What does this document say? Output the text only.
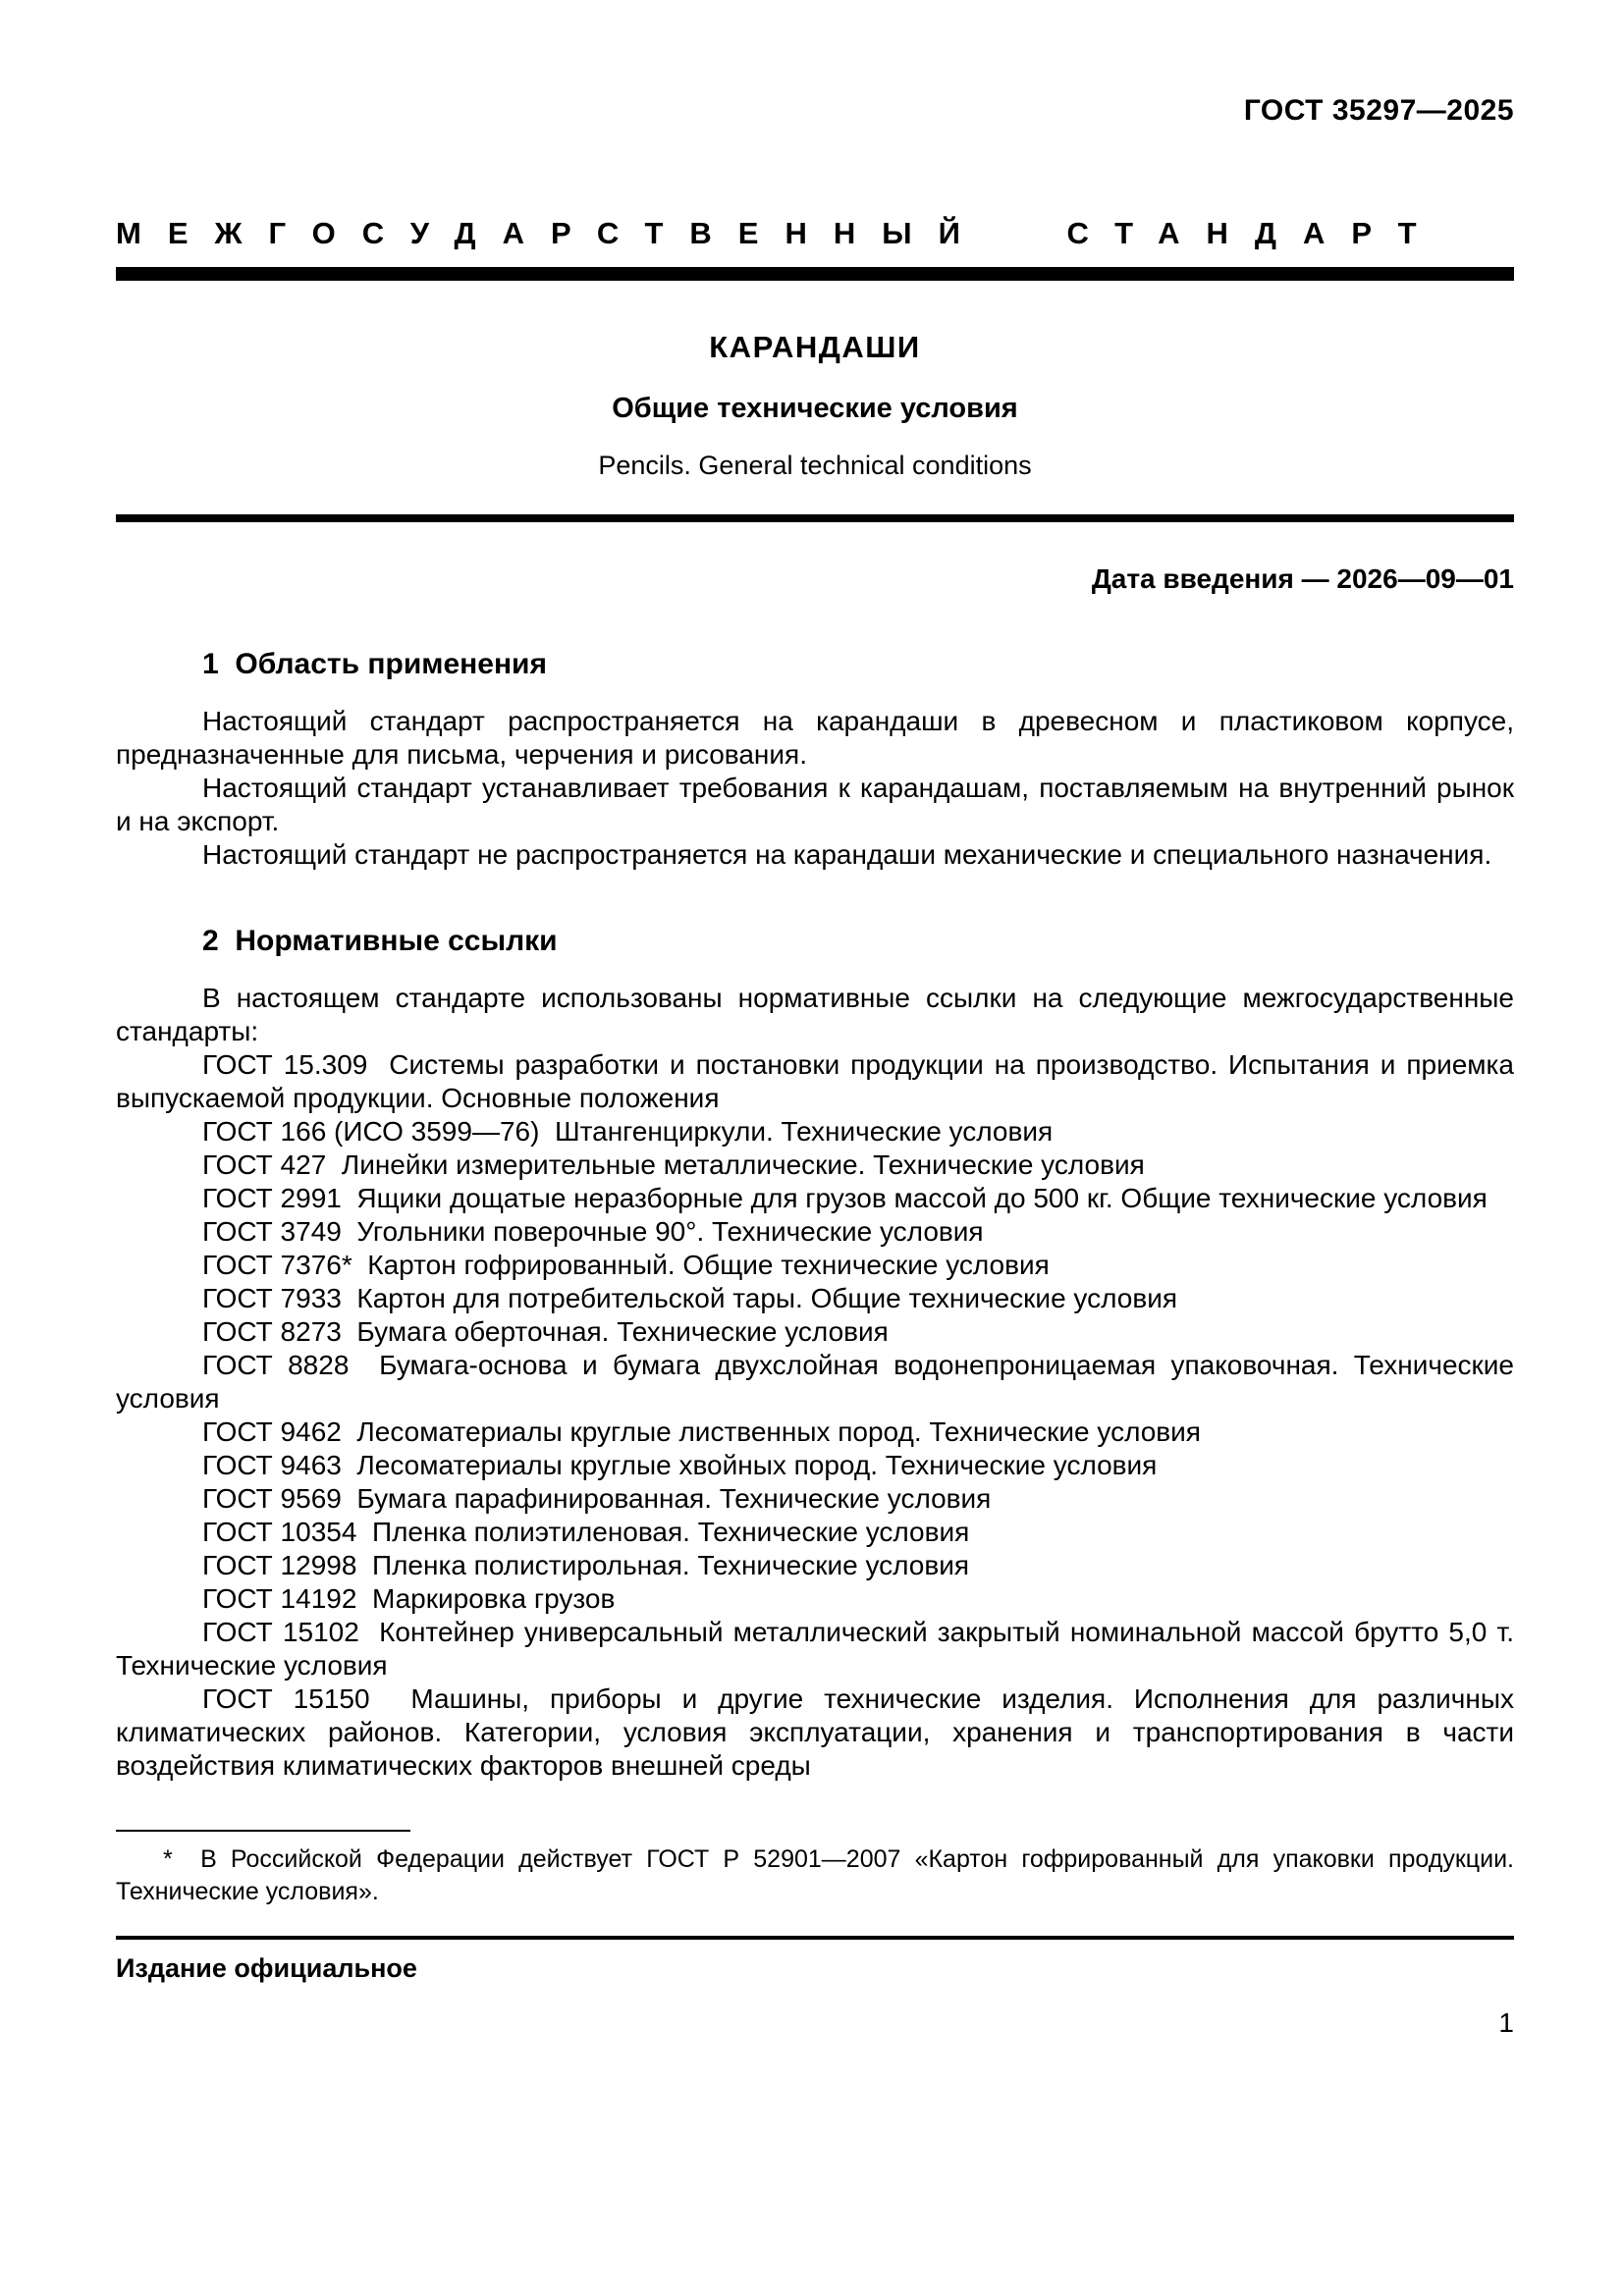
ГОСТ 35297—2025
МЕЖГОСУДАРСТВЕННЫЙ СТАНДАРТ
КАРАНДАШИ
Общие технические условия
Pencils. General technical conditions
Дата введения — 2026—09—01
1  Область применения

Настоящий стандарт распространяется на карандаши в древесном и пластиковом корпусе, предназначенные для письма, черчения и рисования.

Настоящий стандарт устанавливает требования к карандашам, поставляемым на внутренний рынок и на экспорт.

Настоящий стандарт не распространяется на карандаши механические и специального назначения.

2  Нормативные ссылки

В настоящем стандарте использованы нормативные ссылки на следующие межгосударственные стандарты:

ГОСТ 15.309  Системы разработки и постановки продукции на производство. Испытания и приемка выпускаемой продукции. Основные положения

ГОСТ 166 (ИСО 3599—76)  Штангенциркули. Технические условия

ГОСТ 427  Линейки измерительные металлические. Технические условия

ГОСТ 2991  Ящики дощатые неразборные для грузов массой до 500 кг. Общие технические условия

ГОСТ 3749  Угольники поверочные 90°. Технические условия

ГОСТ 7376*  Картон гофрированный. Общие технические условия

ГОСТ 7933  Картон для потребительской тары. Общие технические условия

ГОСТ 8273  Бумага оберточная. Технические условия

ГОСТ 8828  Бумага-основа и бумага двухслойная водонепроницаемая упаковочная. Технические условия

ГОСТ 9462  Лесоматериалы круглые лиственных пород. Технические условия

ГОСТ 9463  Лесоматериалы круглые хвойных пород. Технические условия

ГОСТ 9569  Бумага парафинированная. Технические условия

ГОСТ 10354  Пленка полиэтиленовая. Технические условия

ГОСТ 12998  Пленка полистирольная. Технические условия

ГОСТ 14192  Маркировка грузов

ГОСТ 15102  Контейнер универсальный металлический закрытый номинальной массой брутто 5,0 т. Технические условия

ГОСТ 15150  Машины, приборы и другие технические изделия. Исполнения для различных климатических районов. Категории, условия эксплуатации, хранения и транспортирования в части воздействия климатических факторов внешней среды

*  В Российской Федерации действует ГОСТ Р 52901—2007 «Картон гофрированный для упаковки продукции. Технические условия».

Издание официальное
1
